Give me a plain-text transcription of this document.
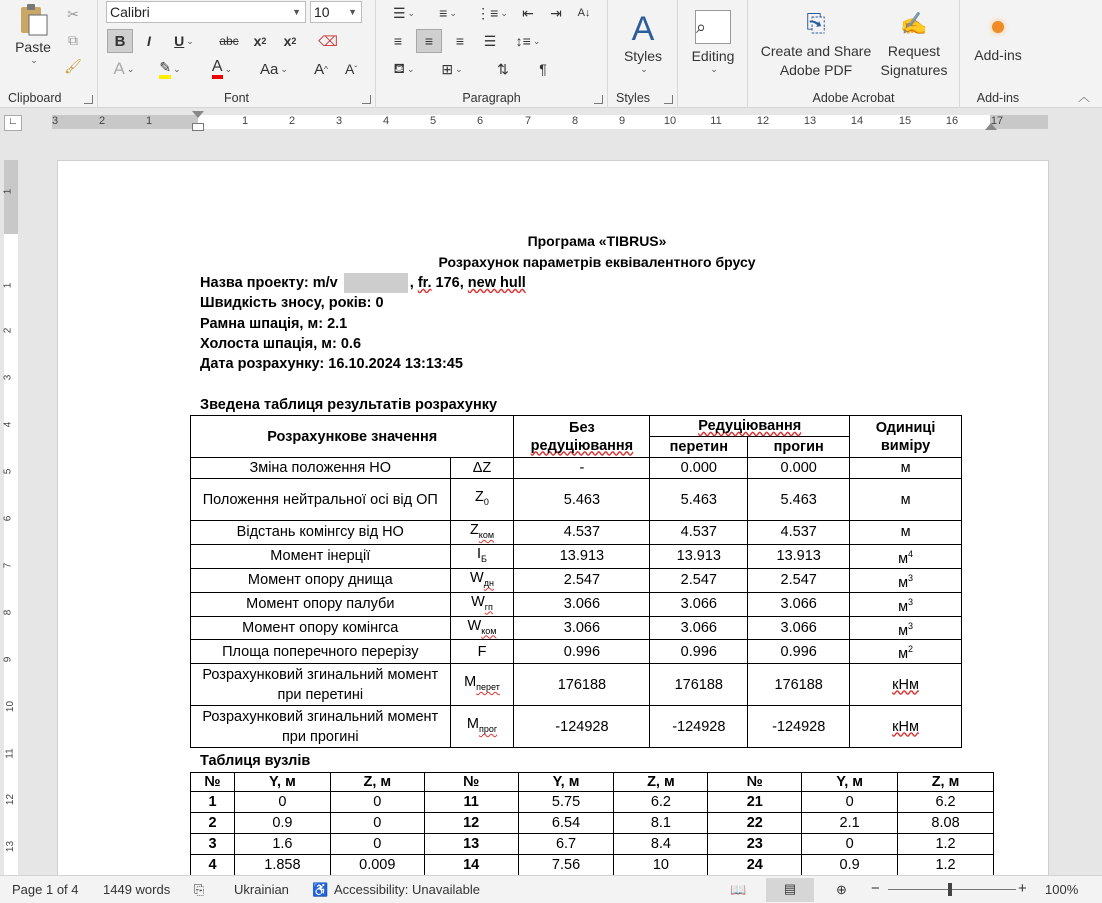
Paste
⌄
✂
⧉
🖌
Clipboard
Calibri	▼ 10 ▼
B	I	U ⌄ abc	x 2	x 2 ⌫
A ⌄ ✎ ⌄ A ⌄ Aa ⌄ A ^	A ˇ
Font
☰ ⌄	≡ ⌄ ⋮≡ ⌄	⇤	⇥	A↓
≡	≡	≡	☰	↕≡ ⌄
⛾ ⌄	⊞ ⌄	⇅	¶
Paragraph
A
Styles
⌄
Styles
⌕
Editing
⌄
⎘
Create and Share
Adobe PDF
✍
Request
Signatures
Adobe Acrobat
Add-ins
Add-ins	︿
∟	3	2	1	1	2	3	4	5	6	7	8	9	10	11	12	13	14	15	16	17
1
1
2
3
4
5
6
7
8
9
10
11
12
13
Програма «TIBRUS»
Розрахунок параметрів еквівалентного брусу
Назва проекту: m/v	, fr. 176, new hull
Швидкість зносу, років: 0
Рамна шпація, м: 2.1
Холоста шпація, м: 0.6
Дата розрахунку: 16.10.2024 13:13:45
Зведена таблиця результатів розрахунку
Розрахункове значення		Без
редуціювання	Редуціювання		Одиниці
виміру
			перетин	прогин	
Зміна положення НО	ΔZ	-	0.000	0.000	м
Положення нейтральної осі від ОП	$Z_0$	5.463	5.463	5.463	м
Відстань комінгсу від НО	$Z_{ком}$	4.537	4.537	4.537	м
Момент інерції	$I_Б$	13.913	13.913	13.913	$м^4$
Момент опору днища	$W_{дн}$	2.547	2.547	2.547	$м^3$
Момент опору палуби	$W_{гп}$	3.066	3.066	3.066	$м^3$
Момент опору комінгса	$W_{ком}$	3.066	3.066	3.066	$м^3$
Площа поперечного перерізу	F	0.996	0.996	0.996	$м^2$
Розрахунковий згинальний момент при перетині	$M_{перет}$	176188	176188	176188	кНм
Розрахунковий згинальний момент при прогині	$M_{прог}$	-124928	-124928	-124928	кНм
Таблиця вузлів
№	Y, м	Z, м	№	Y, м	Z, м	№	Y, м	Z, м
1	0	0	11	5.75	6.2	21	0	6.2
2	0.9	0	12	6.54	8.1	22	2.1	8.08
3	1.6	0	13	6.7	8.4	23	0	1.2
4	1.858	0.009	14	7.56	10	24	0.9	1.2
Page 1 of 4 1449 words ⎘ Ukrainian ♿ Accessibility: Unavailable	📖	▤	⊕ −	+ 100%
